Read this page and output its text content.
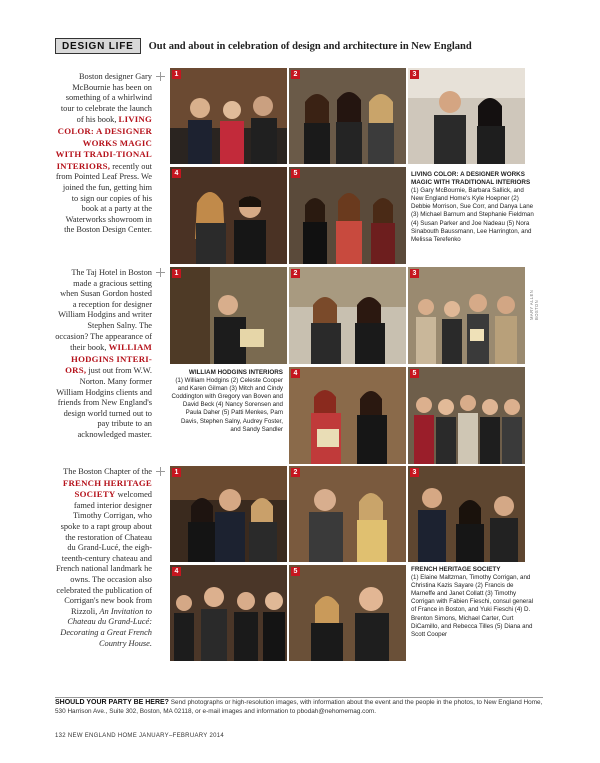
DESIGN LIFE	Out and about in celebration of design and architecture in New England
Boston designer Gary McBournie has been on something of a whirlwind tour to celebrate the launch of his book, LIVING COLOR: A DESIGNER WORKS MAGIC WITH TRADI-TIONAL INTERIORS, recently out from Pointed Leaf Press. We joined the fun, getting him to sign our copies of his book at a party at the Waterworks showroom in the Boston Design Center.
The Taj Hotel in Boston made a gracious setting when Susan Gordon hosted a reception for designer William Hodgins and writer Stephen Salny. The occasion? The appearance of their book, WILLIAM HODGINS INTERI-ORS, just out from W.W. Norton. Many former William Hodgins clients and friends from New England's design world turned out to pay tribute to an acknowledged master.
The Boston Chapter of the FRENCH HERITAGE SOCIETY welcomed famed interior designer Timothy Corrigan, who spoke to a rapt group about the restoration of Chateau du Grand-Lucé, the eigh-teenth-century chateau and French national landmark he owns. The occasion also celebrated the publication of Corrigan's new book from Rizzoli, An Invitation to Chateau du Grand-Lucé: Decorating a Great French Country House.
1	2	3
4	5	LIVING COLOR: A DESIGNER WORKS MAGIC WITH TRADITIONAL INTERIORS

(1) Gary McBournie, Barbara Sallick, and New England Home's Kyle Hoepner (2) Debbie Morrison, Sue Corr, and Danya Lane (3) Michael Barnum and Stephanie Fieldman (4) Susan Parker and Joe Nadeau (5) Nora Sinabouth Baussmann, Lee Harrington, and Melissa Terefenko

1	2	3
4	5

WILLIAM HODGINS INTERIORS

(1) William Hodgins (2) Celeste Cooper and Karen Gilman (3) Mitch and Cindy Coddington with Gregory van Boven and David Beck (4) Nancy Sorensen and Paula Daher (5) Patti Menkes, Pam Davis, Stephen Salny, Audrey Foster, and Sandy Sandler

MARY ALLEN BOSTON
1	2	3
4	5	FRENCH HERITAGE SOCIETY

(1) Elaine Maltzman, Timothy Corrigan, and Christina Kazis Sayare (2) Francis de Marneffe and Janet Collatt (3) Timothy Corrigan with Fabien Fieschi, consul general of France in Boston, and Yuki Fieschi (4) D. Brenton Simons, Michael Carter, Curt DiCamillo, and Rebecca Tilles (5) Diana and Scott Cooper

SHOULD YOUR PARTY BE HERE? Send photographs or high-resolution images, with information about the event and the people in the photos, to New England Home, 530 Harrison Ave., Suite 302, Boston, MA 02118, or e-mail images and information to pbodah@nehomemag.com.
132 NEW ENGLAND HOME JANUARY–FEBRUARY 2014
